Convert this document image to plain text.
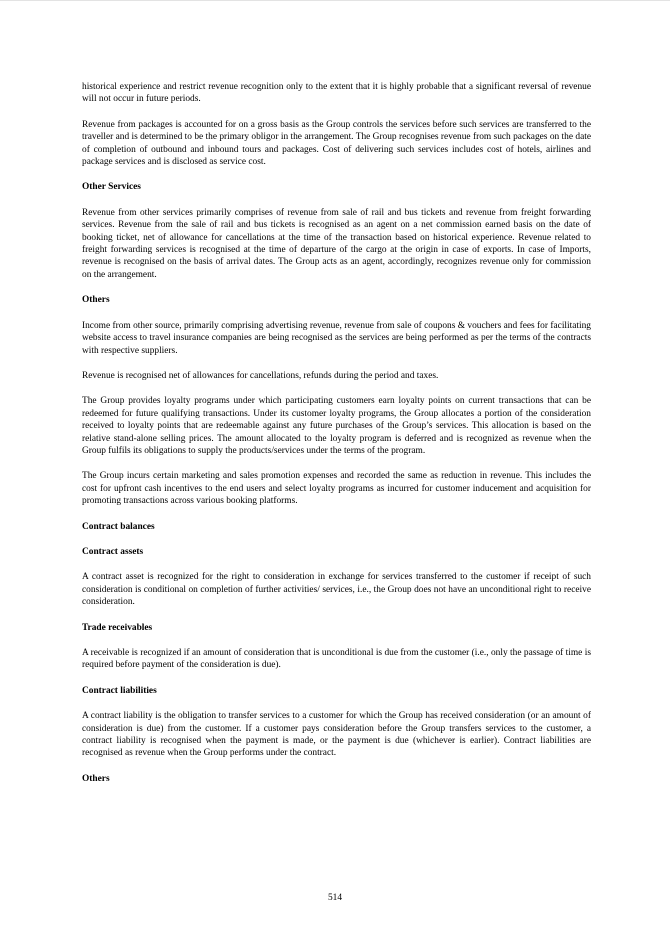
historical experience and restrict revenue recognition only to the extent that it is highly probable that a significant reversal of revenue will not occur in future periods.

Revenue from packages is accounted for on a gross basis as the Group controls the services before such services are transferred to the traveller and is determined to be the primary obligor in the arrangement. The Group recognises revenue from such packages on the date of completion of outbound and inbound tours and packages. Cost of delivering such services includes cost of hotels, airlines and package services and is disclosed as service cost.

Other Services

Revenue from other services primarily comprises of revenue from sale of rail and bus tickets and revenue from freight forwarding services. Revenue from the sale of rail and bus tickets is recognised as an agent on a net commission earned basis on the date of booking ticket, net of allowance for cancellations at the time of the transaction based on historical experience. Revenue related to freight forwarding services is recognised at the time of departure of the cargo at the origin in case of exports. In case of Imports, revenue is recognised on the basis of arrival dates. The Group acts as an agent, accordingly, recognizes revenue only for commission on the arrangement.

Others

Income from other source, primarily comprising advertising revenue, revenue from sale of coupons & vouchers and fees for facilitating website access to travel insurance companies are being recognised as the services are being performed as per the terms of the contracts with respective suppliers.

Revenue is recognised net of allowances for cancellations, refunds during the period and taxes.

The Group provides loyalty programs under which participating customers earn loyalty points on current transactions that can be redeemed for future qualifying transactions. Under its customer loyalty programs, the Group allocates a portion of the consideration received to loyalty points that are redeemable against any future purchases of the Group’s services. This allocation is based on the relative stand-alone selling prices. The amount allocated to the loyalty program is deferred and is recognized as revenue when the Group fulfils its obligations to supply the products/services under the terms of the program.

The Group incurs certain marketing and sales promotion expenses and recorded the same as reduction in revenue. This includes the cost for upfront cash incentives to the end users and select loyalty programs as incurred for customer inducement and acquisition for promoting transactions across various booking platforms.

Contract balances
Contract assets

A contract asset is recognized for the right to consideration in exchange for services transferred to the customer if receipt of such consideration is conditional on completion of further activities/ services, i.e., the Group does not have an unconditional right to receive consideration.

Trade receivables

A receivable is recognized if an amount of consideration that is unconditional is due from the customer (i.e., only the passage of time is required before payment of the consideration is due).

Contract liabilities

A contract liability is the obligation to transfer services to a customer for which the Group has received consideration (or an amount of consideration is due) from the customer. If a customer pays consideration before the Group transfers services to the customer, a contract liability is recognised when the payment is made, or the payment is due (whichever is earlier). Contract liabilities are recognised as revenue when the Group performs under the contract.

Others
514
